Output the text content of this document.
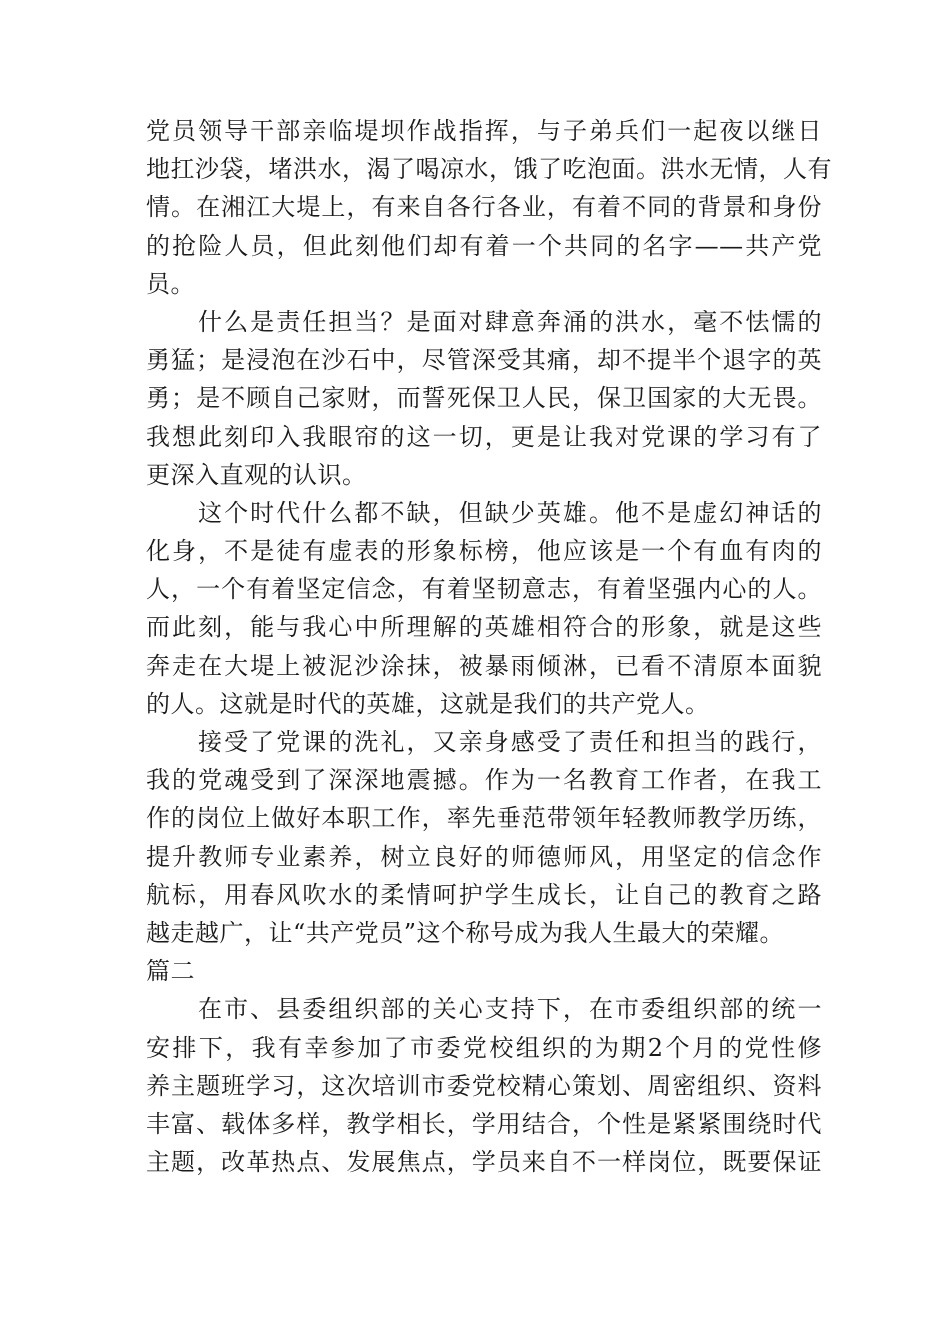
党员领导干部亲临堤坝作战指挥，与子弟兵们一起夜以继日
地扛沙袋，堵洪水，渴了喝凉水，饿了吃泡面。洪水无情，人有
情。在湘江大堤上，有来自各行各业，有着不同的背景和身份
的抢险人员，但此刻他们却有着一个共同的名字——共产党
员。
什么是责任担当？是面对肆意奔涌的洪水，毫不怯懦的
勇猛；是浸泡在沙石中，尽管深受其痛，却不提半个退字的英
勇；是不顾自己家财，而誓死保卫人民，保卫国家的大无畏。
我想此刻印入我眼帘的这一切，更是让我对党课的学习有了
更深入直观的认识。
这个时代什么都不缺，但缺少英雄。他不是虚幻神话的
化身，不是徒有虚表的形象标榜，他应该是一个有血有肉的
人，一个有着坚定信念，有着坚韧意志，有着坚强内心的人。
而此刻，能与我心中所理解的英雄相符合的形象，就是这些
奔走在大堤上被泥沙涂抹，被暴雨倾淋，已看不清原本面貌
的人。这就是时代的英雄，这就是我们的共产党人。
接受了党课的洗礼，又亲身感受了责任和担当的践行，
我的党魂受到了深深地震撼。作为一名教育工作者，在我工
作的岗位上做好本职工作，率先垂范带领年轻教师教学历练，
提升教师专业素养，树立良好的师德师风，用坚定的信念作
航标，用春风吹水的柔情呵护学生成长，让自己的教育之路
越走越广，让“共产党员”这个称号成为我人生最大的荣耀。
篇二
在市、县委组织部的关心支持下，在市委组织部的统一
安排下，我有幸参加了市委党校组织的为期2个月的党性修
养主题班学习，这次培训市委党校精心策划、周密组织、资料
丰富、载体多样，教学相长，学用结合，个性是紧紧围绕时代
主题，改革热点、发展焦点，学员来自不一样岗位，既要保证
